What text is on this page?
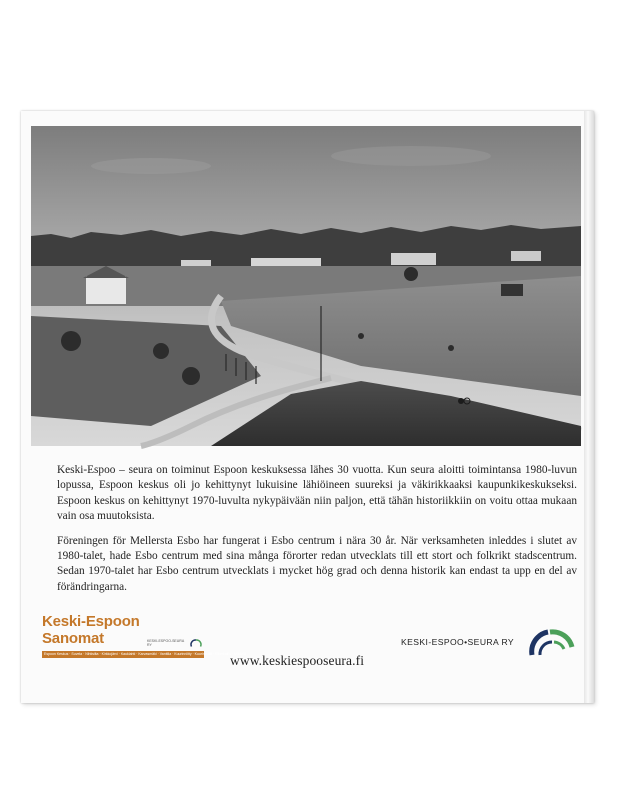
Keski-Espoo – seura on toiminut Espoon keskuksessa lähes 30 vuotta. Kun seura aloitti toimintansa 1980-luvun lopussa, Espoon keskus oli jo kehittynyt lukuisine lähiöineen suureksi ja väkirikkaaksi kaupunkikeskukseksi. Espoon keskus on kehittynyt 1970-luvulta nykypäivään niin paljon, että tähän historiikkiin on voitu ottaa mukaan vain osa muutoksista.

Föreningen för Mellersta Esbo har fungerat i Esbo centrum i nära 30 år. När verksamheten inleddes i slutet av 1980-talet, hade Esbo centrum med sina många förorter redan utvecklats till ett stort och folkrikt stadscentrum. Sedan 1970-talet har Esbo centrum utvecklats i mycket hög grad och denna historik kan endast ta upp en del av förändringarna.

Keski-Espoon
Sanomat	KESKI-ESPOO-SEURA RY
Espoon Keskus · Suvela · Nihtisilta · Kirkkojärvi · Kauklahti · Karvasmäki · Vanttila · Kuurinniitty · Kuurinmäki · Kilonkallio · Mikkelä
www.keskiespooseura.fi
KESKI-ESPOO•SEURA RY
